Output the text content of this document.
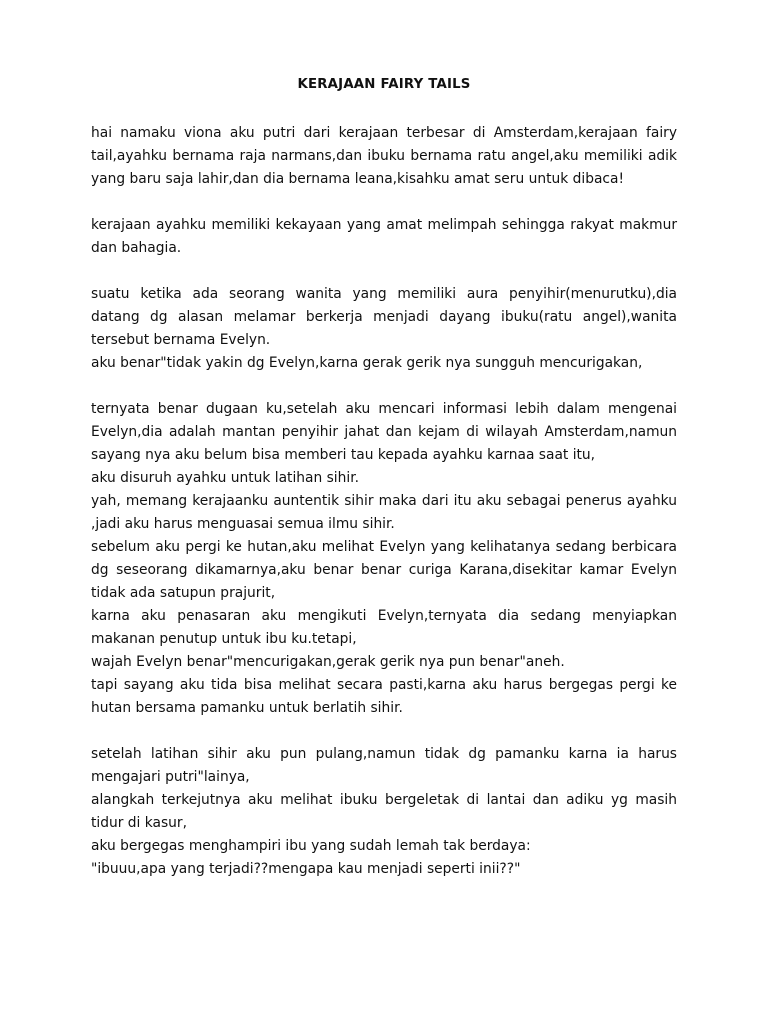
KERAJAAN FAIRY TAILS

hai namaku viona aku putri dari kerajaan terbesar di Amsterdam,kerajaan fairy tail,ayahku bernama raja narmans,dan ibuku bernama ratu angel,aku memiliki adik yang baru saja lahir,dan dia bernama leana,kisahku amat seru untuk dibaca!

kerajaan ayahku memiliki kekayaan yang amat melimpah sehingga rakyat makmur dan bahagia.

suatu ketika ada seorang wanita yang memiliki aura penyihir(menurutku),dia datang dg alasan melamar berkerja menjadi dayang ibuku(ratu angel),wanita tersebut bernama Evelyn.

aku benar"tidak yakin dg Evelyn,karna gerak gerik nya sungguh mencurigakan,

ternyata benar dugaan ku,setelah aku mencari informasi lebih dalam mengenai Evelyn,dia adalah mantan penyihir jahat dan kejam di wilayah Amsterdam,namun sayang nya aku belum bisa memberi tau kepada ayahku karnaa saat itu,

aku disuruh ayahku untuk latihan sihir.

yah, memang kerajaanku auntentik sihir maka dari itu aku sebagai penerus ayahku ,jadi aku harus menguasai semua ilmu sihir.

sebelum aku pergi ke hutan,aku melihat Evelyn yang kelihatanya sedang berbicara dg seseorang dikamarnya,aku benar benar curiga Karana,disekitar kamar Evelyn tidak ada satupun prajurit,

karna aku penasaran aku mengikuti Evelyn,ternyata dia sedang menyiapkan makanan penutup untuk ibu ku.tetapi,

wajah Evelyn benar"mencurigakan,gerak gerik nya pun benar"aneh.

tapi sayang aku tida bisa melihat secara pasti,karna aku harus bergegas pergi ke hutan bersama pamanku untuk berlatih sihir.

setelah latihan sihir aku pun pulang,namun tidak dg pamanku karna ia harus mengajari putri"lainya,

alangkah terkejutnya aku melihat ibuku bergeletak di lantai dan adiku yg masih tidur di kasur,

aku bergegas menghampiri ibu yang sudah lemah tak berdaya:

"ibuuu,apa yang terjadi??mengapa kau menjadi seperti inii??"
